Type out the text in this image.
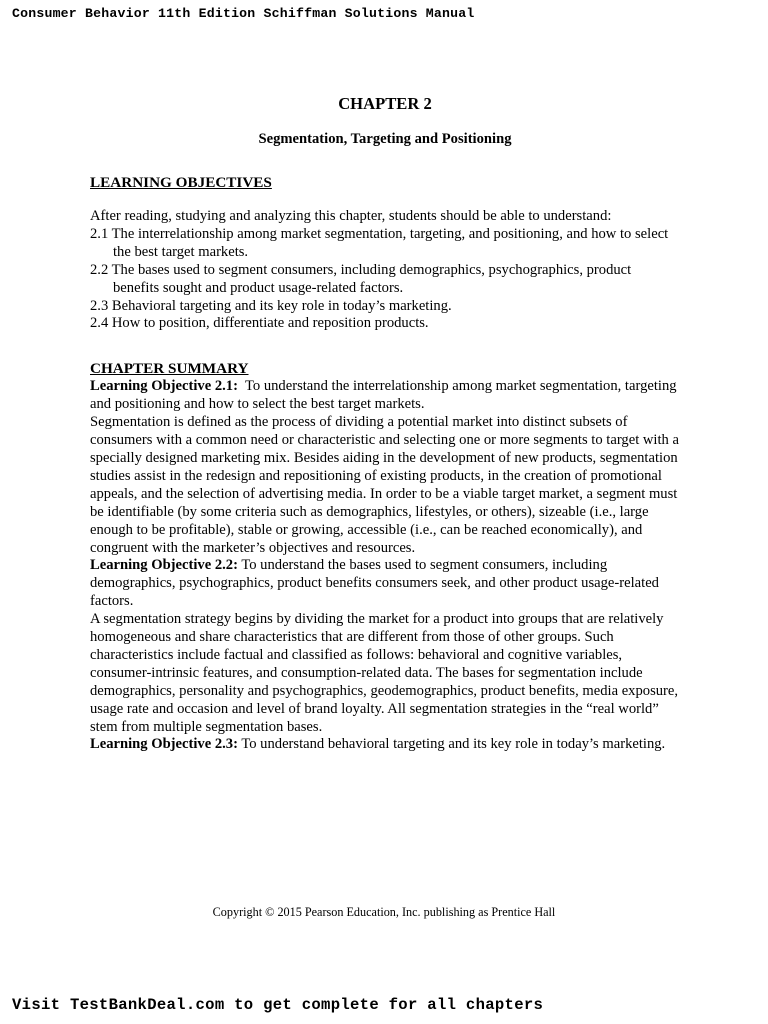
Consumer Behavior 11th Edition Schiffman Solutions Manual
CHAPTER 2
Segmentation, Targeting and Positioning
LEARNING OBJECTIVES

After reading, studying and analyzing this chapter, students should be able to understand:

2.1 The interrelationship among market segmentation, targeting, and positioning, and how to select the best target markets.
2.2 The bases used to segment consumers, including demographics, psychographics, product benefits sought and product usage-related factors.
2.3 Behavioral targeting and its key role in today’s marketing.
2.4 How to position, differentiate and reposition products.
CHAPTER SUMMARY

Learning Objective 2.1: To understand the interrelationship among market segmentation, targeting and positioning and how to select the best target markets.

Segmentation is defined as the process of dividing a potential market into distinct subsets of consumers with a common need or characteristic and selecting one or more segments to target with a specially designed marketing mix. Besides aiding in the development of new products, segmentation studies assist in the redesign and repositioning of existing products, in the creation of promotional appeals, and the selection of advertising media. In order to be a viable target market, a segment must be identifiable (by some criteria such as demographics, lifestyles, or others), sizeable (i.e., large enough to be profitable), stable or growing, accessible (i.e., can be reached economically), and congruent with the marketer’s objectives and resources.

Learning Objective 2.2: To understand the bases used to segment consumers, including demographics, psychographics, product benefits consumers seek, and other product usage-related factors.

A segmentation strategy begins by dividing the market for a product into groups that are relatively homogeneous and share characteristics that are different from those of other groups. Such characteristics include factual and classified as follows: behavioral and cognitive variables, consumer-intrinsic features, and consumption-related data. The bases for segmentation include demographics, personality and psychographics, geodemographics, product benefits, media exposure, usage rate and occasion and level of brand loyalty. All segmentation strategies in the “real world” stem from multiple segmentation bases.

Learning Objective 2.3: To understand behavioral targeting and its key role in today’s marketing.

Copyright © 2015 Pearson Education, Inc. publishing as Prentice Hall
Visit TestBankDeal.com to get complete for all chapters
